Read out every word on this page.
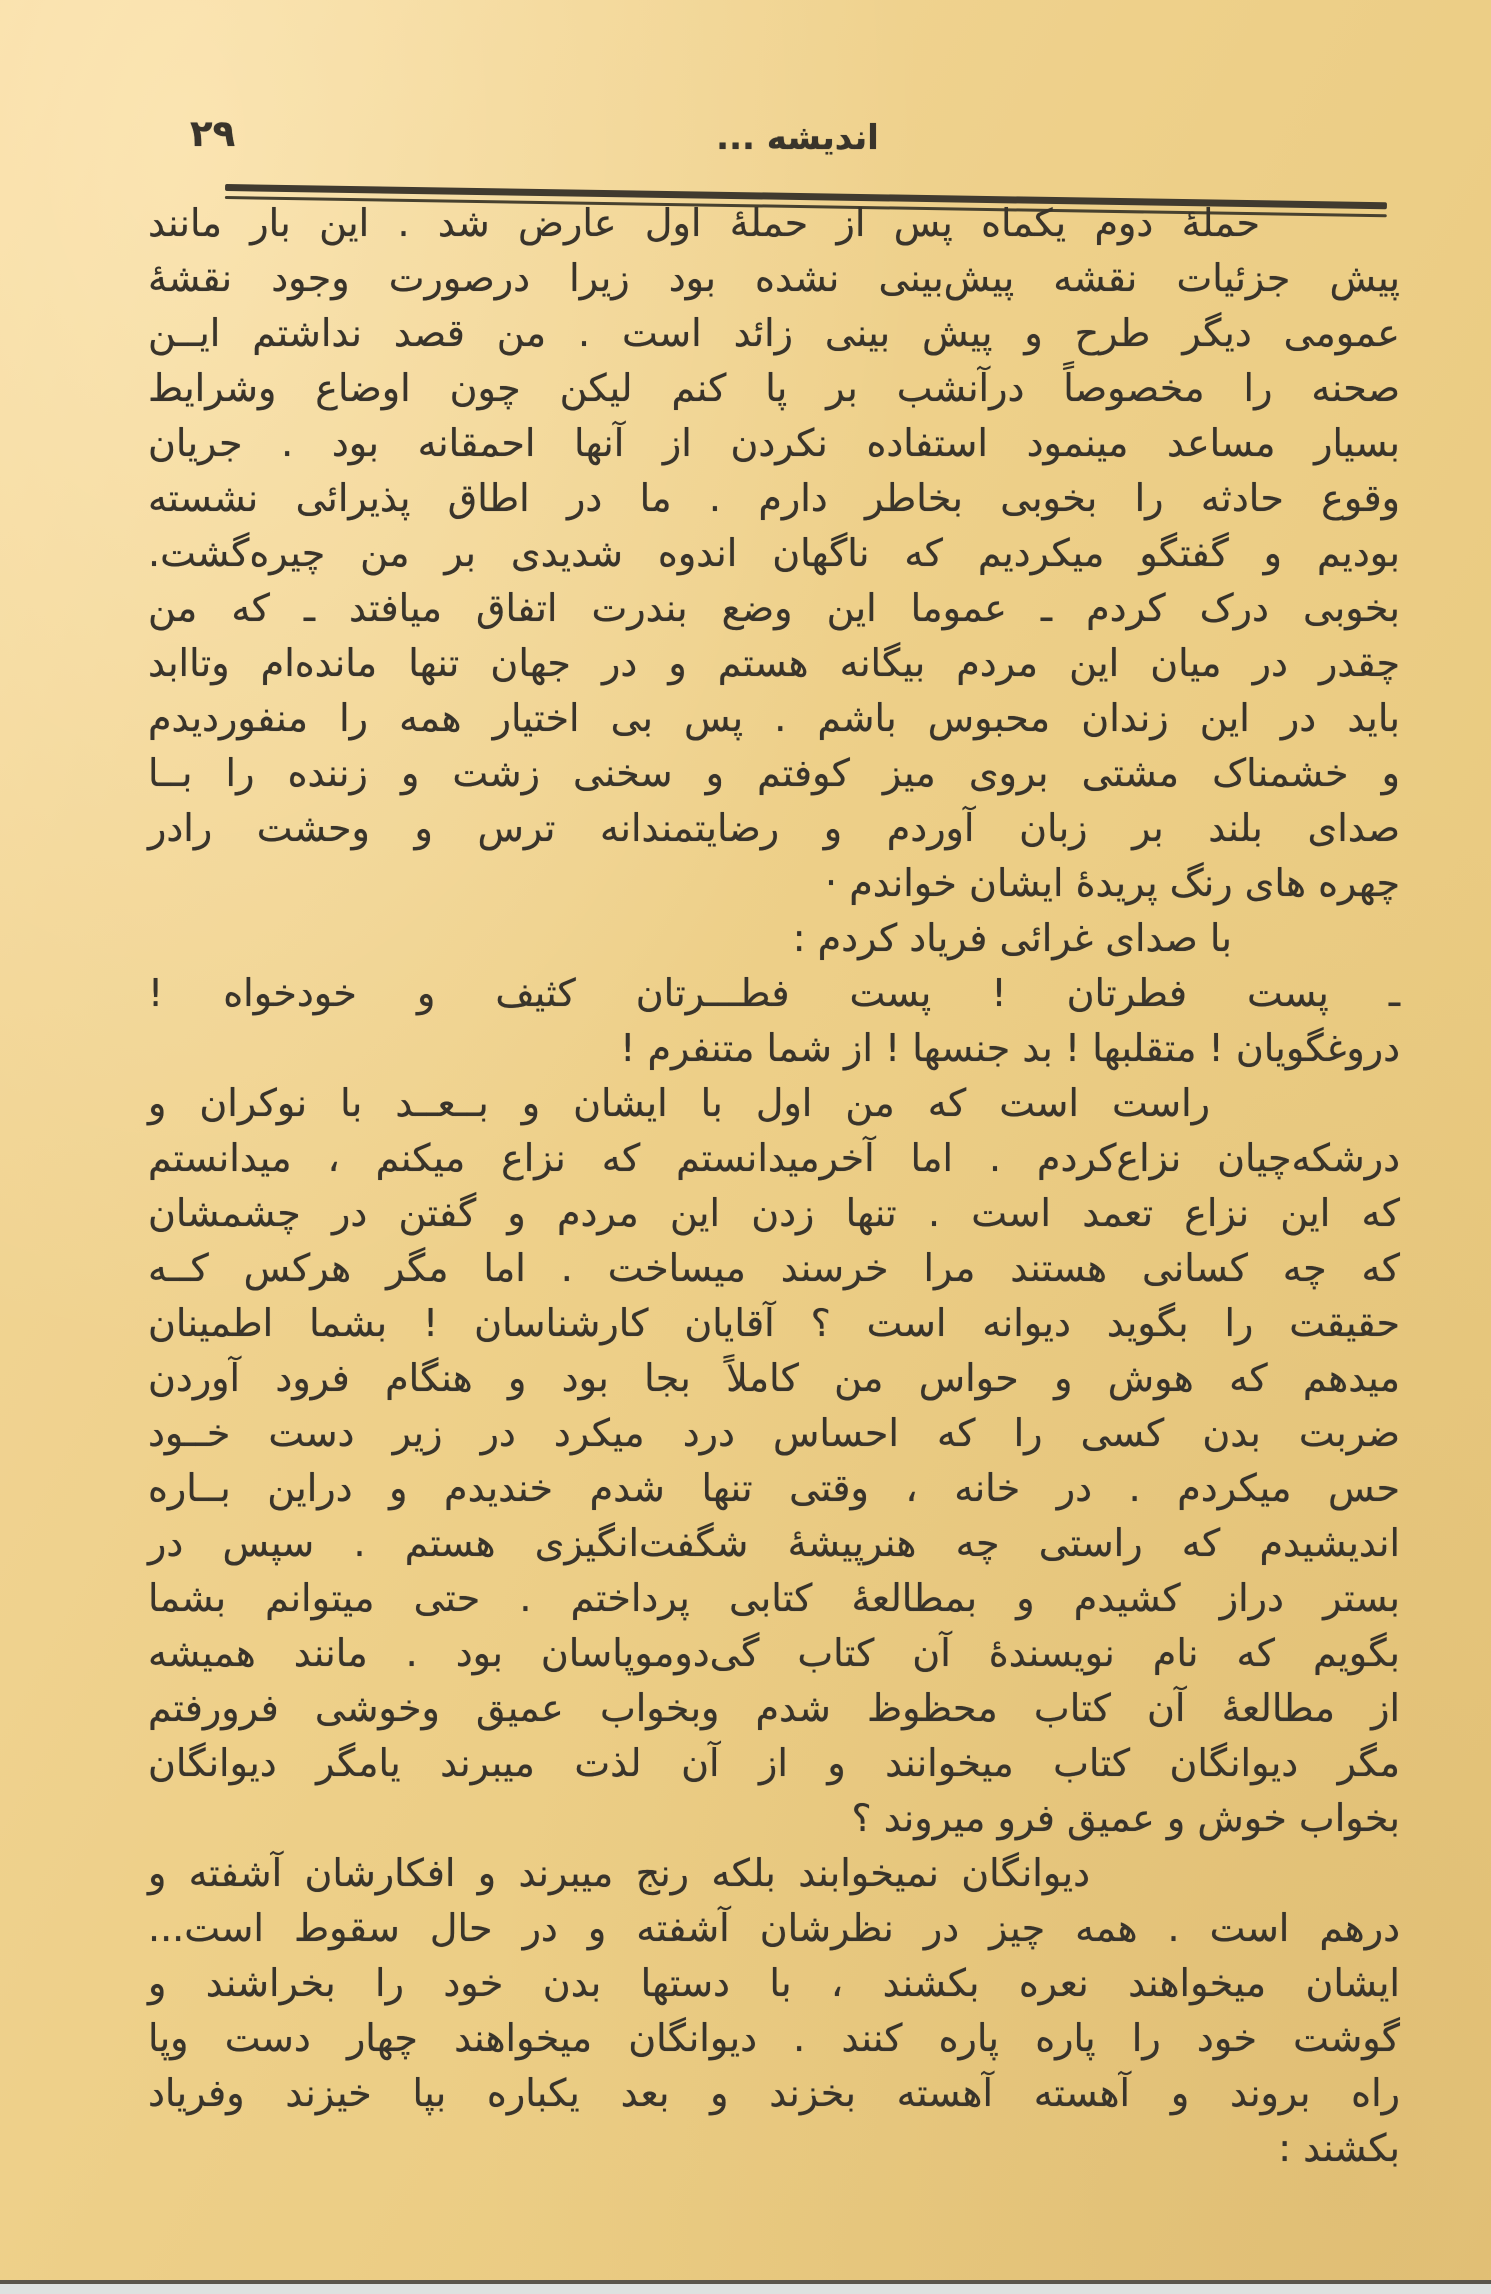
۲۹	اندیشه ...
حملهٔ دوم یکماه پس از حملهٔ اول عارض شد . این بار مانند
پیش جزئیات نقشه پیش‌بینی نشده بود زیرا درصورت وجود نقشهٔ
عمومی دیگر طرح و پیش بینی زائد است . من قصد نداشتم ایــن
صحنه را مخصوصاً درآنشب بر پا کنم لیکن چون اوضاع وشرایط
بسیار مساعد مینمود استفاده نکردن از آنها احمقانه بود . جریان
وقوع حادثه را بخوبی بخاطر دارم . ما در اطاق پذیرائی نشسته
بودیم و گفتگو میکردیم که ناگهان اندوه شدیدی بر من چیره‌گشت.
بخوبی درک کردم ـ عموما این وضع بندرت اتفاق میافتد ـ که من
چقدر در میان این مردم بیگانه هستم و در جهان تنها مانده‌ام وتاابد
باید در این زندان محبوس باشم . پس بی اختیار همه را منفوردیدم
و خشمناک مشتی بروی میز کوفتم و سخنی زشت و زننده را بــا
صدای بلند بر زبان آوردم و رضایتمندانه ترس و وحشت رادر
چهره های رنگ پریدهٔ ایشان خواندم ·
با صدای غرائی فریاد کردم :
ـ پست فطرتان ! پست فطـــرتان کثیف و خودخواه !
دروغگویان ! متقلبها ! بد جنسها ! از شما متنفرم !
راست است که من اول با ایشان و بــعــد با نوکران و
درشکه‌چیان نزاع‌کردم . اما آخرمیدانستم که نزاع میکنم ، میدانستم
که این نزاع تعمد است . تنها زدن این مردم و گفتن در چشمشان
که چه کسانی هستند مرا خرسند میساخت . اما مگر هرکس کــه
حقیقت را بگوید دیوانه است ؟ آقایان کارشناسان ! بشما اطمینان
میدهم که هوش و حواس من کاملاً بجا بود و هنگام فرود آوردن
ضربت بدن کسی را که احساس درد میکرد در زیر دست خــود
حس میکردم . در خانه ، وقتی تنها شدم خندیدم و دراین بــاره
اندیشیدم که راستی چه هنرپیشهٔ شگفت‌انگیزی هستم . سپس در
بستر دراز کشیدم و بمطالعهٔ کتابی پرداختم . حتی میتوانم بشما
بگویم که نام نویسندهٔ آن کتاب گی‌دوموپاسان بود . مانند همیشه
از مطالعهٔ آن کتاب محظوظ شدم وبخواب عمیق وخوشی فرورفتم
مگر دیوانگان کتاب میخوانند و از آن لذت میبرند یامگر دیوانگان
بخواب خوش و عمیق فرو میروند ؟
دیوانگان نمیخوابند بلکه رنج میبرند و افکارشان آشفته و
درهم است . همه چیز در نظرشان آشفته و در حال سقوط است...
ایشان میخواهند نعره بکشند ، با دستها بدن خود را بخراشند و
گوشت خود را پاره پاره کنند . دیوانگان میخواهند چهار دست وپا
راه بروند و آهسته آهسته بخزند و بعد یکباره بپا خیزند وفریاد
بکشند :
